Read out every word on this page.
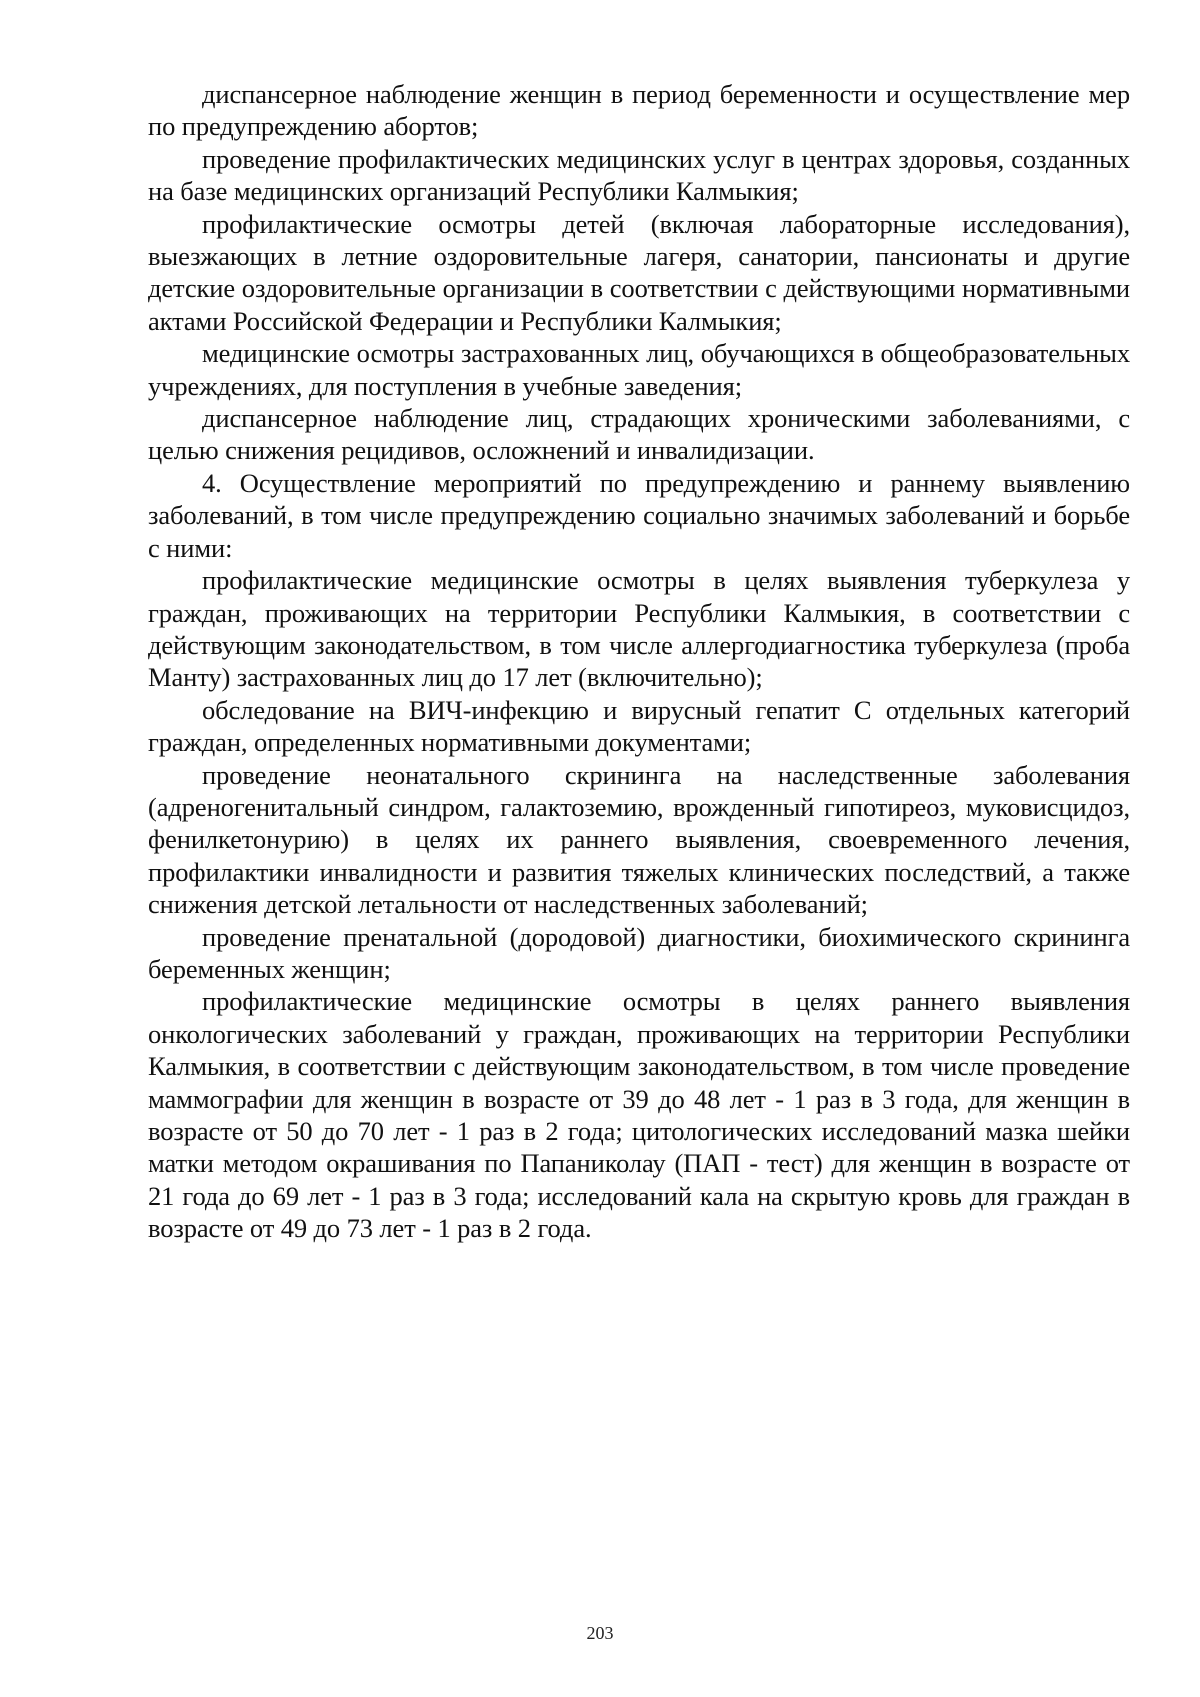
диспансерное наблюдение женщин в период беременности и осуществление мер по предупреждению абортов;

проведение профилактических медицинских услуг в центрах здоровья, созданных на базе медицинских организаций Республики Калмыкия;

профилактические осмотры детей (включая лабораторные исследования), выезжающих в летние оздоровительные лагеря, санатории, пансионаты и другие детские оздоровительные организации в соответствии с действующими нормативными актами Российской Федерации и Республики Калмыкия;

медицинские осмотры застрахованных лиц, обучающихся в общеобразовательных учреждениях, для поступления в учебные заведения;

диспансерное наблюдение лиц, страдающих хроническими заболеваниями, с целью снижения рецидивов, осложнений и инвалидизации.

4. Осуществление мероприятий по предупреждению и раннему выявлению заболеваний, в том числе предупреждению социально значимых заболеваний и борьбе с ними:

профилактические медицинские осмотры в целях выявления туберкулеза у граждан, проживающих на территории Республики Калмыкия, в соответствии с действующим законодательством, в том числе аллергодиагностика туберкулеза (проба Манту) застрахованных лиц до 17 лет (включительно);

обследование на ВИЧ-инфекцию и вирусный гепатит С отдельных категорий граждан, определенных нормативными документами;

проведение неонатального скрининга на наследственные заболевания (адреногенитальный синдром, галактоземию, врожденный гипотиреоз, муковисцидоз, фенилкетонурию) в целях их раннего выявления, своевременного лечения, профилактики инвалидности и развития тяжелых клинических последствий, а также снижения детской летальности от наследственных заболеваний;

проведение пренатальной (дородовой) диагностики, биохимического скрининга беременных женщин;

профилактические медицинские осмотры в целях раннего выявления онкологических заболеваний у граждан, проживающих на территории Республики Калмыкия, в соответствии с действующим законодательством, в том числе проведение маммографии для женщин в возрасте от 39 до 48 лет - 1 раз в 3 года, для женщин в возрасте от 50 до 70 лет - 1 раз в 2 года; цитологических исследований мазка шейки матки методом окрашивания по Папаниколау (ПАП - тест) для женщин в возрасте от 21 года до 69 лет - 1 раз в 3 года; исследований кала на скрытую кровь для граждан в возрасте от 49 до 73 лет - 1 раз в 2 года.

203
